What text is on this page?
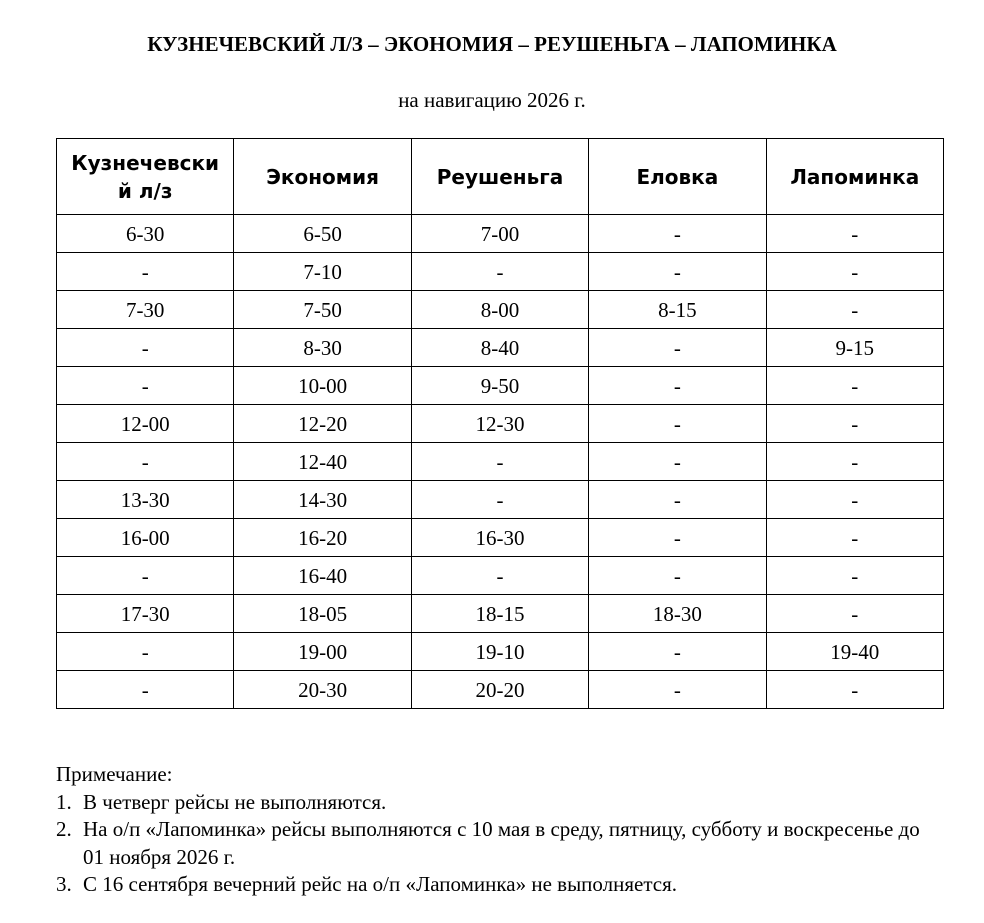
КУЗНЕЧЕВСКИЙ Л/З – ЭКОНОМИЯ – РЕУШЕНЬГА – ЛАПОМИНКА
на навигацию 2026 г.
Кузнечевски й л/з	Экономия	Реушеньга	Еловка	Лапоминка
6-30	6-50	7-00	-	-
-	7-10	-	-	-
7-30	7-50	8-00	8-15	-
-	8-30	8-40	-	9-15
-	10-00	9-50	-	-
12-00	12-20	12-30	-	-
-	12-40	-	-	-
13-30	14-30	-	-	-
16-00	16-20	16-30	-	-
-	16-40	-	-	-
17-30	18-05	18-15	18-30	-
-	19-00	19-10	-	19-40
-	20-30	20-20	-	-
Примечание:
1. В четверг рейсы не выполняются.
2. На о/п «Лапоминка» рейсы выполняются с 10 мая в среду, пятницу, субботу и воскресенье до 01 ноября 2026 г.
3. С 16 сентября вечерний рейс на о/п «Лапоминка» не выполняется.
